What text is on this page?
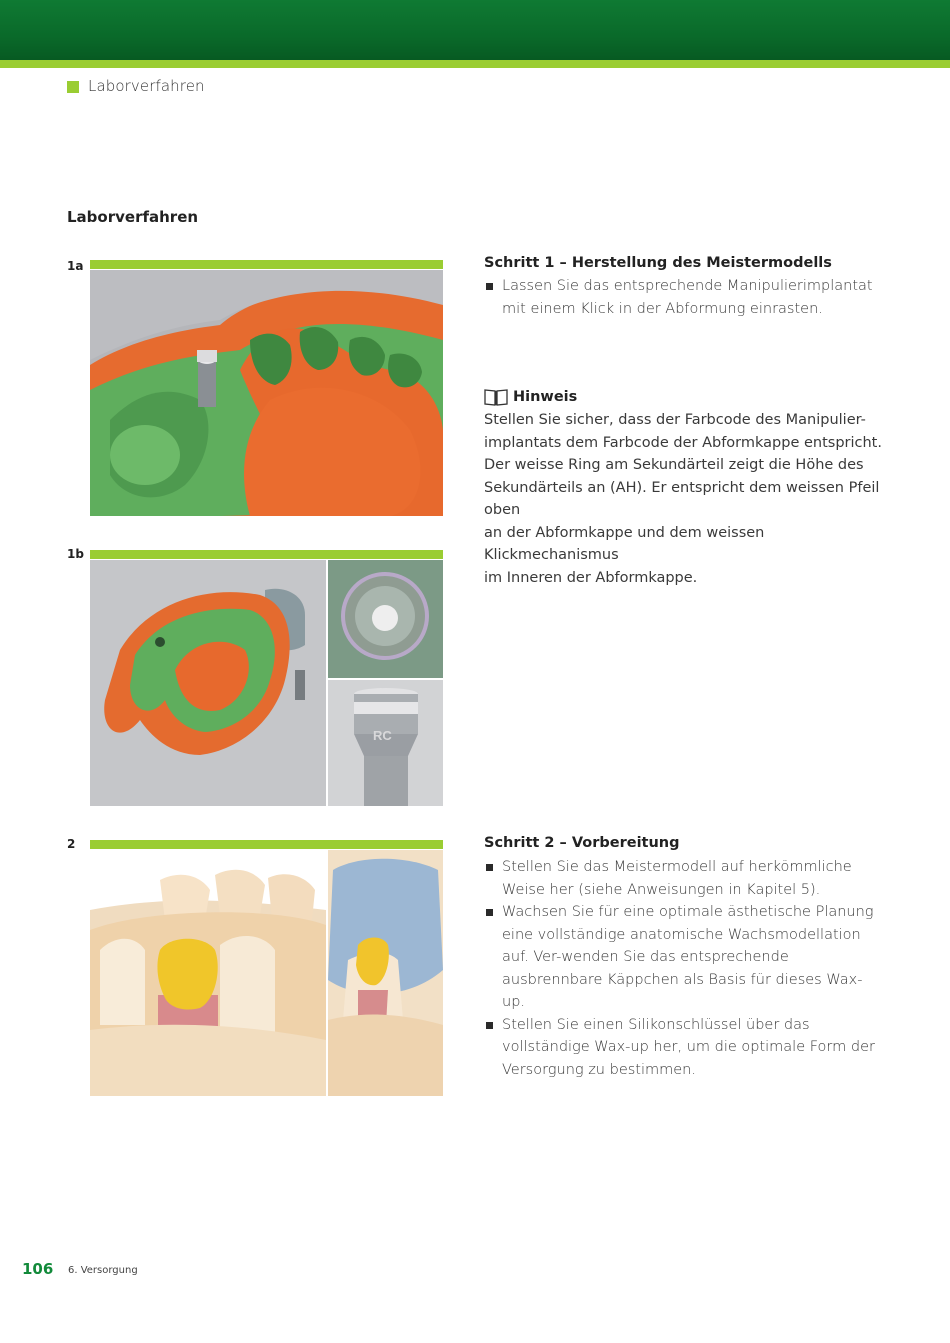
Laborverfahren
Laborverfahren
1a
1b
RC
2
Schritt 1 – Herstellung des Meistermodells
Lassen Sie das entsprechende Manipulierimplantat mit einem Klick in der Abformung einrasten.
Hinweis
Stellen Sie sicher, dass der Farbcode des Manipulier-
implantats dem Farbcode der Abformkappe entspricht.
Der weisse Ring am Sekundärteil zeigt die Höhe des
Sekundärteils an (AH). Er entspricht dem weissen Pfeil oben
an der Abformkappe und dem weissen Klickmechanismus
im Inneren der Abformkappe.
Schritt 2 – Vorbereitung
Stellen Sie das Meistermodell auf herkömmliche Weise her (siehe Anweisungen in Kapitel 5).
Wachsen Sie für eine optimale ästhetische Planung eine vollständige anatomische Wachsmodellation auf. Ver-wenden Sie das entsprechende ausbrennbare Käppchen als Basis für dieses Wax-up.
Stellen Sie einen Silikonschlüssel über das vollständige Wax-up her, um die optimale Form der Versorgung zu bestimmen.
106 6. Versorgung
